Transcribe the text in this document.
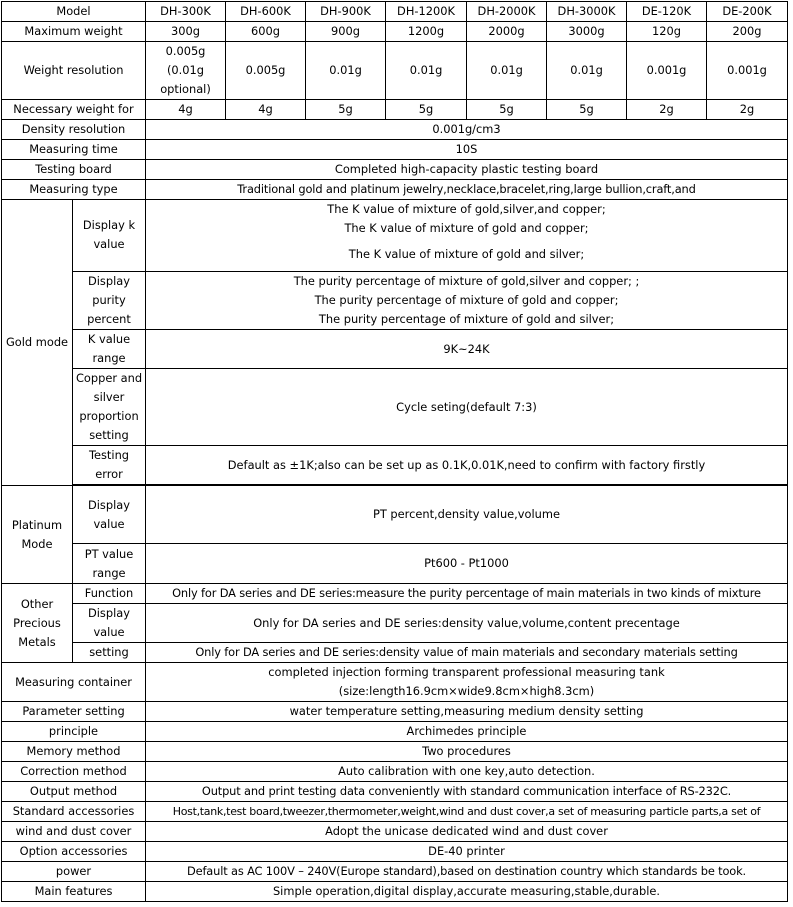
Model		DH-300K	DH-600K	DH-900K	DH-1200K	DH-2000K	DH-3000K	DE-120K	DE-200K
Maximum weight		300g	600g	900g	1200g	2000g	3000g	120g	200g
Weight resolution		0.005g (0.01g optional)	0.005g	0.01g	0.01g	0.01g	0.01g	0.001g	0.001g
Necessary weight for		4g	4g	5g	5g	5g	5g	2g	2g
Density resolution		0.001g/cm3							
Measuring time		10S							
Testing board		Completed high-capacity plastic testing board							
Measuring type		Traditional gold and platinum jewelry,necklace,bracelet,ring,large bullion,craft,and							
Gold mode	Display k value	The K value of mixture of gold,silver,and copper;							
		The K value of mixture of gold and copper;							
		The K value of mixture of gold and silver;							
	Display purity percent	The purity percentage of mixture of gold,silver and copper; ;							
		The purity percentage of mixture of gold and copper;							
		The purity percentage of mixture of gold and silver;							
	K value range	9K~24K							
	Copper and silver proportion setting	Cycle seting(default 7:3)							
	Testing error	Default as ±1K;also can be set up as 0.1K,0.01K,need to confirm with factory firstly							

Platinum Mode	Display value	PT percent,density value,volume							
	PT value range	Pt600 - Pt1000							
Other Precious Metals	Function	Only for DA series and DE series:measure the purity percentage of main materials in two kinds of mixture							
	Display value	Only for DA series and DE series:density value,volume,content precentage							
	setting	Only for DA series and DE series:density value of main materials and secondary materials setting							
Measuring container		completed injection forming transparent professional measuring tank
(size:length16.9cm×wide9.8cm×high8.3cm)							

Parameter setting		water temperature setting,measuring medium density setting							
principle		Archimedes principle							
Memory method		Two procedures							
Correction method		Auto calibration with one key,auto detection.							
Output method		Output and print testing data conveniently with standard communication interface of RS-232C.							
Standard accessories		Host,tank,test board,tweezer,thermometer,weight,wind and dust cover,a set of measuring particle parts,a set of							
wind and dust cover		Adopt the unicase dedicated wind and dust cover							
Option accessories		DE-40 printer							
power		Default as AC 100V – 240V(Europe standard),based on destination country which standards be took.							
Main features		Simple operation,digital display,accurate measuring,stable,durable.							
